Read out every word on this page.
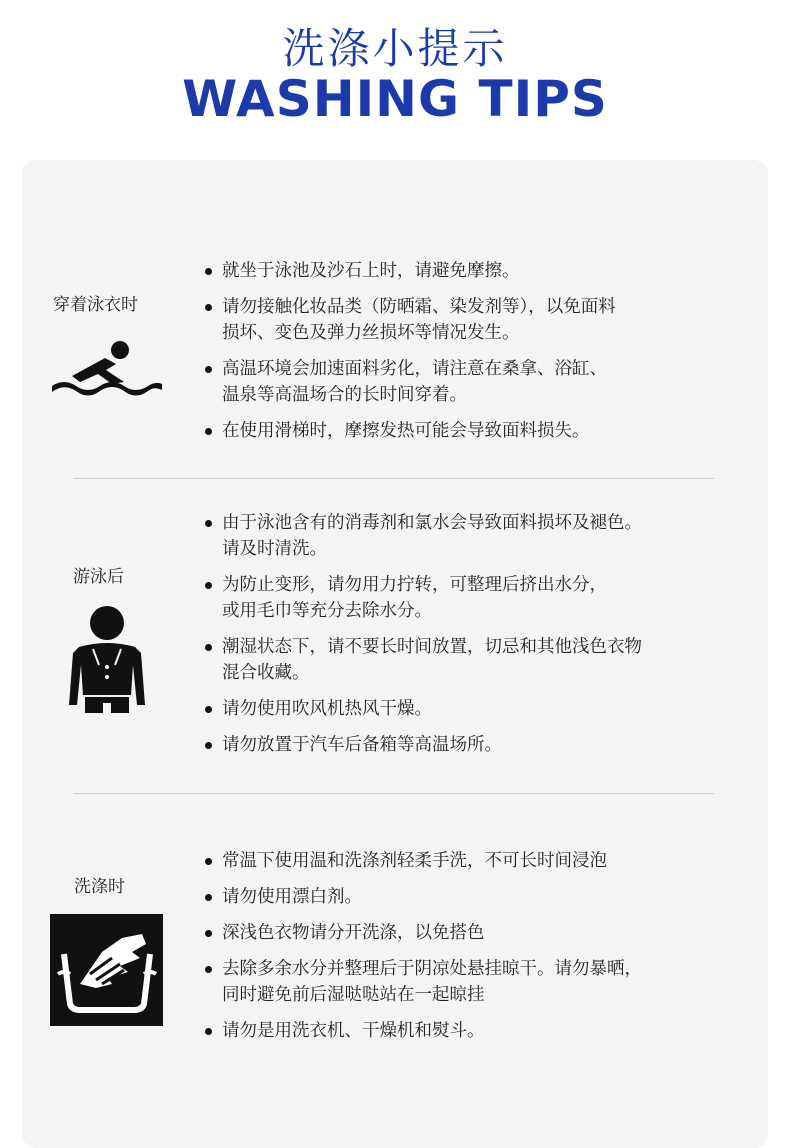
洗涤小提示
WASHING TIPS
穿着泳衣时
就坐于泳池及沙石上时，请避免摩擦。
请勿接触化妆品类（防晒霜、染发剂等），以免面料
损坏、变色及弹力丝损坏等情况发生。
高温环境会加速面料劣化，请注意在桑拿、浴缸、
温泉等高温场合的长时间穿着。
在使用滑梯时，摩擦发热可能会导致面料损失。
游泳后
由于泳池含有的消毒剂和氯水会导致面料损坏及褪色。
请及时清洗。
为防止变形，请勿用力拧转，可整理后挤出水分，
或用毛巾等充分去除水分。
潮湿状态下，请不要长时间放置，切忌和其他浅色衣物
混合收藏。
请勿使用吹风机热风干燥。
请勿放置于汽车后备箱等高温场所。
洗涤时
常温下使用温和洗涤剂轻柔手洗，不可长时间浸泡
请勿使用漂白剂。
深浅色衣物请分开洗涤，以免搭色
去除多余水分并整理后于阴凉处悬挂晾干。请勿暴晒，
同时避免前后湿哒哒站在一起晾挂
请勿是用洗衣机、干燥机和熨斗。
